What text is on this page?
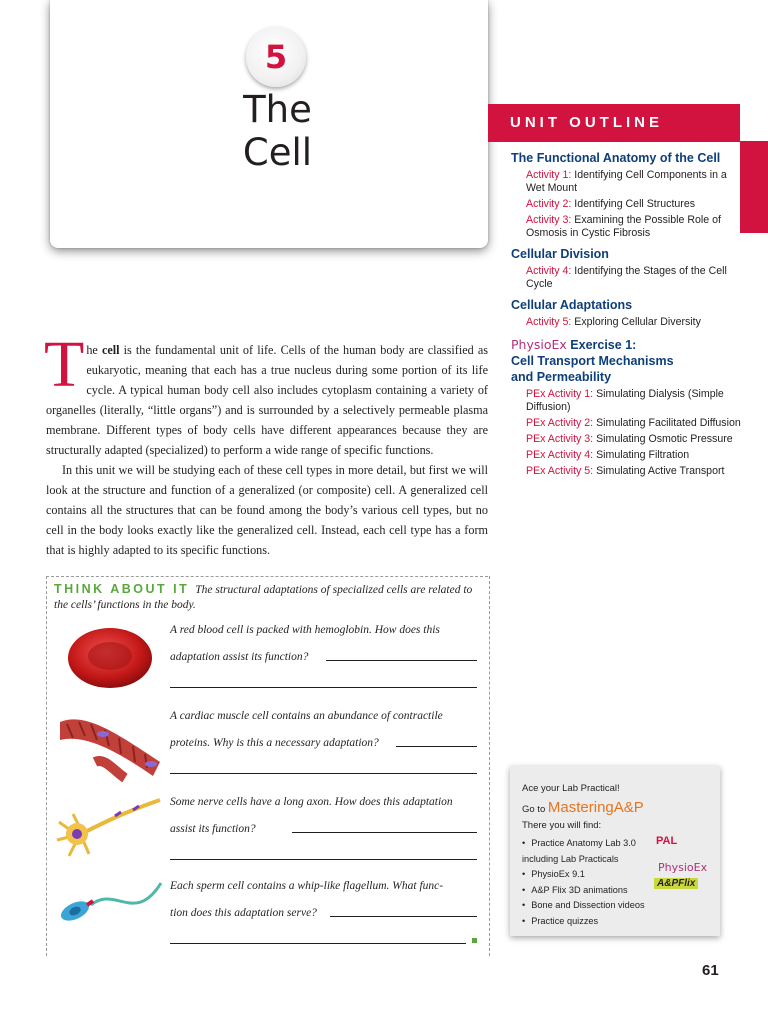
5
The Cell
UNIT OUTLINE
The Functional Anatomy of the Cell
Activity 1: Identifying Cell Components in a Wet Mount
Activity 2: Identifying Cell Structures
Activity 3: Examining the Possible Role of Osmosis in Cystic Fibrosis
Cellular Division
Activity 4: Identifying the Stages of the Cell Cycle
Cellular Adaptations
Activity 5: Exploring Cellular Diversity
PhysioEx Exercise 1:
Cell Transport Mechanisms
and Permeability
PEx Activity 1: Simulating Dialysis (Simple Diffusion)
PEx Activity 2: Simulating Facilitated Diffusion
PEx Activity 3: Simulating Osmotic Pressure
PEx Activity 4: Simulating Filtration
PEx Activity 5: Simulating Active Transport

The cell is the fundamental unit of life. Cells of the human body are classified as eukaryotic, meaning that each has a true nucleus during some portion of its life cycle. A typical human body cell also includes cytoplasm containing a variety of organelles (literally, “little organs”) and is surrounded by a selectively permeable plasma membrane. Different types of body cells have different appearances because they are structurally adapted (specialized) to perform a wide range of specific functions.

In this unit we will be studying each of these cell types in more detail, but first we will look at the structure and function of a generalized (or composite) cell. A generalized cell contains all the structures that can be found among the body’s various cell types, but no cell in the body looks exactly like the generalized cell. Instead, each cell type has a form that is highly adapted to its specific functions.

THINK ABOUT IT The structural adaptations of specialized cells are related to the cells’ functions in the body.
A red blood cell is packed with hemoglobin. How does this
adaptation assist its function?
A cardiac muscle cell contains an abundance of contractile
proteins. Why is this a necessary adaptation?
Some nerve cells have a long axon. How does this adaptation
assist its function?
Each sperm cell contains a whip-like flagellum. What func-
tion does this adaptation serve?
Ace your Lab Practical!
Go to MasteringA&P
There you will find:
• Practice Anatomy Lab 3.0 including Lab Practicals
• PhysioEx 9.1
• A&P Flix 3D animations
• Bone and Dissection videos
• Practice quizzes
PAL
PhysioEx
A&PFlix
61
